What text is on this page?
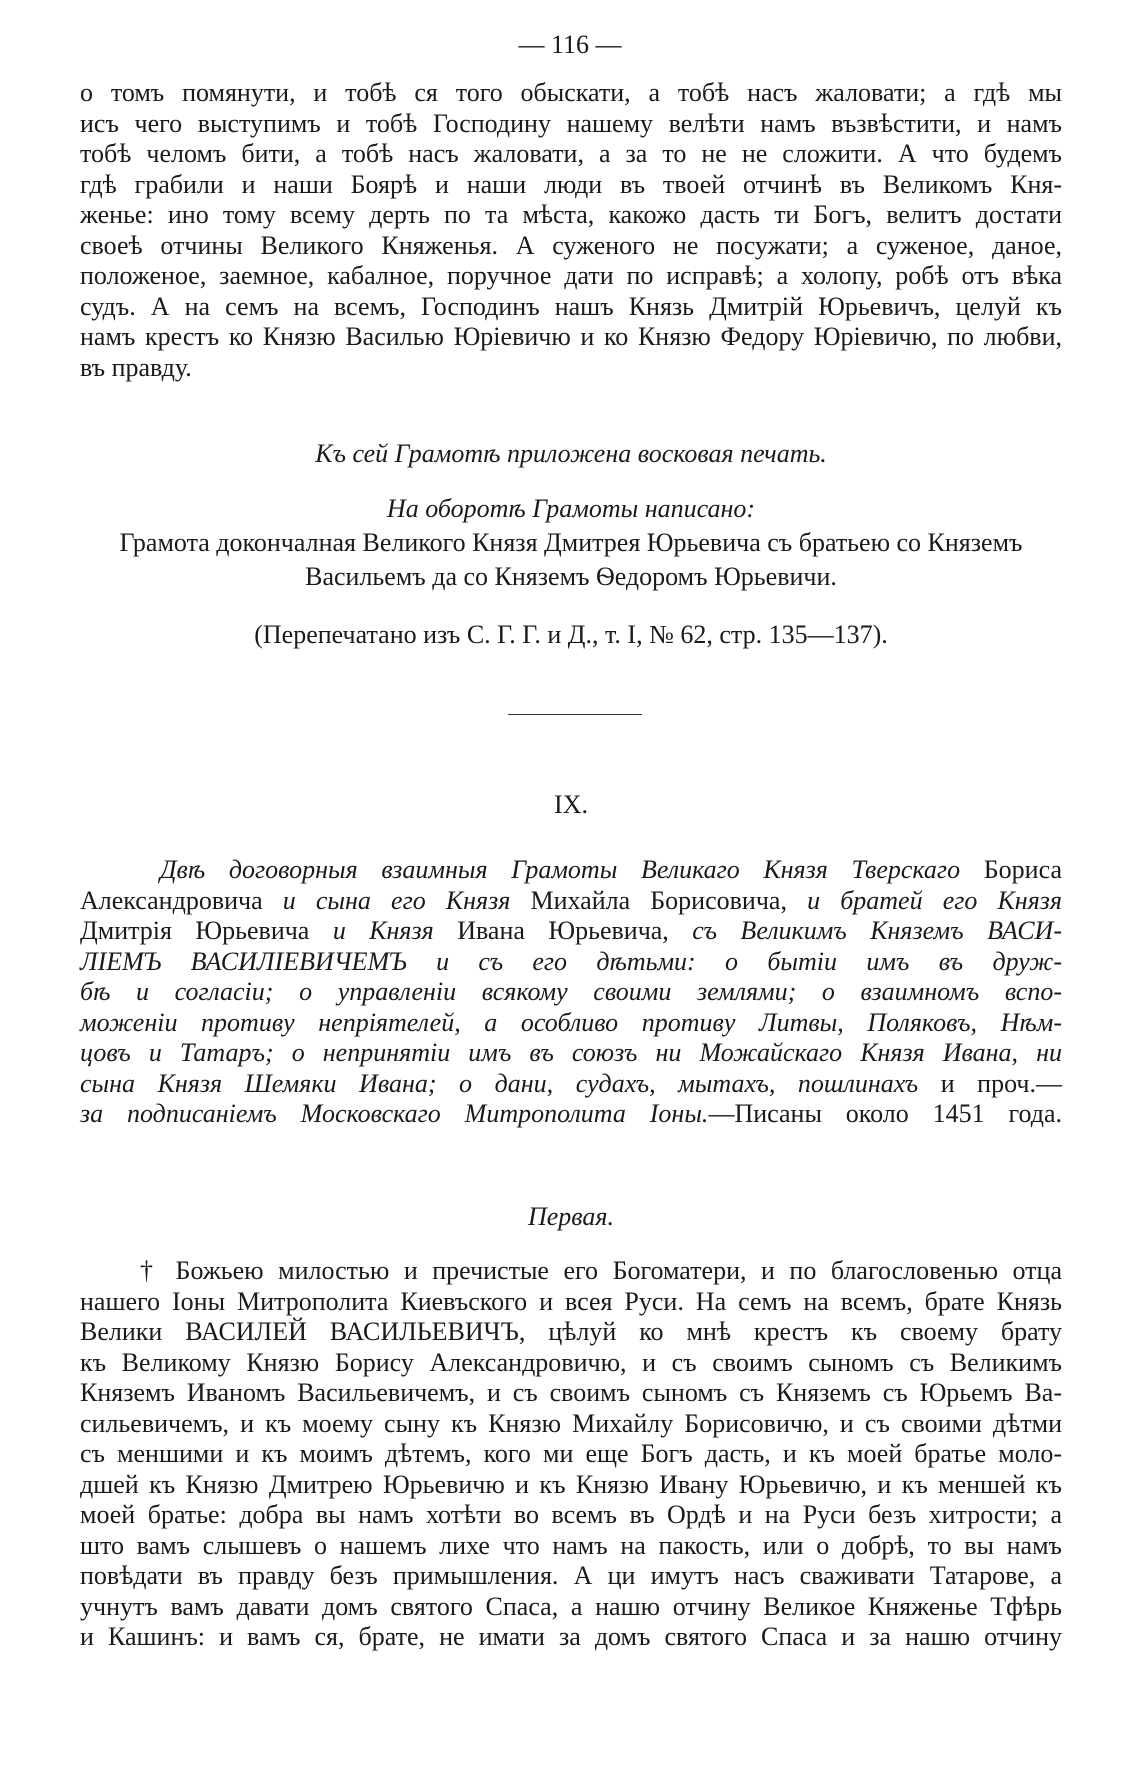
— 116 —
о томъ помянути, и тобѣ ся того обыскати, а тобѣ насъ жаловати; а гдѣ мы
исъ чего выступимъ и тобѣ Господину нашему велѣти намъ възвѣстити, и намъ
тобѣ челомъ бити, а тобѣ насъ жаловати, а за то не не сложити. А что будемъ
гдѣ грабили и наши Боярѣ и наши люди въ твоей отчинѣ въ Великомъ Кня-
женье: ино тому всему дерть по та мѣста, какожо дасть ти Богъ, велитъ достати
своеѣ отчины Великого Княженья. А суженого не посужати; а суженое, даное,
положеное, заемное, кабалное, поручное дати по исправѣ; а холопу, робѣ отъ вѣка
судъ. А на семъ на всемъ, Господинъ нашъ Князь Дмитрій Юрьевичъ, целуй къ
намъ крестъ ко Князю Василью Юріевичю и ко Князю Федору Юріевичю, по любви,
въ правду.
Къ сей Грамотѣ приложена восковая печать.
На оборотѣ Грамоты написано:
Грамота докончалная Великого Князя Дмитрея Юрьевича съ братьею со Княземъ
Васильемъ да со Княземъ Ѳедоромъ Юрьевичи.
(Перепечатано изъ С. Г. Г. и Д., т. I, № 62, стр. 135—137).
IX.
Двѣ договорныя взаимныя Грамоты Великаго Князя Тверскаго Бориса
Александровича и сына его Князя Михайла Борисовича, и братей его Князя
Дмитрія Юрьевича и Князя Ивана Юрьевича, съ Великимъ Княземъ ВАСИ-
ЛІЕМЪ ВАСИЛІЕВИЧЕМЪ и съ его дѣтьми: о бытіи имъ въ друж-
бѣ и согласіи; о управленіи всякому своими землями; о взаимномъ вспо-
моженіи противу непріятелей, а особливо противу Литвы, Поляковъ, Нѣм-
цовъ и Татаръ; о непринятіи имъ въ союзъ ни Можайскаго Князя Ивана, ни
сына Князя Шемяки Ивана; о дани, судахъ, мытахъ, пошлинахъ и проч.—
за подписаніемъ Московскаго Митрополита Іоны.—Писаны около 1451 года.
Первая.
† Божьею милостью и пречистые его Богоматери, и по благословенью отца
нашего Іоны Митрополита Киевъского и всея Руси. На семъ на всемъ, брате Князь
Велики ВАСИЛЕЙ ВАСИЛЬЕВИЧЪ, цѣлуй ко мнѣ крестъ къ своему брату
къ Великому Князю Борису Александровичю, и съ своимъ сыномъ съ Великимъ
Княземъ Иваномъ Васильевичемъ, и съ своимъ сыномъ съ Княземъ съ Юрьемъ Ва-
сильевичемъ, и къ моему сыну къ Князю Михайлу Борисовичю, и съ своими дѣтми
съ меншими и къ моимъ дѣтемъ, кого ми еще Богъ дасть, и къ моей братье моло-
дшей къ Князю Дмитрею Юрьевичю и къ Князю Ивану Юрьевичю, и къ меншей къ
моей братье: добра вы намъ хотѣти во всемъ въ Ордѣ и на Руси безъ хитрости; а
што вамъ слышевъ о нашемъ лихе что намъ на пакость, или о добрѣ, то вы намъ
повѣдати въ правду безъ примышления. А ци имутъ насъ сваживати Татарове, а
учнутъ вамъ давати домъ святого Спаса, а нашю отчину Великое Княженье Тфѣрь
и Кашинъ: и вамъ ся, брате, не имати за домъ святого Спаса и за нашю отчину
